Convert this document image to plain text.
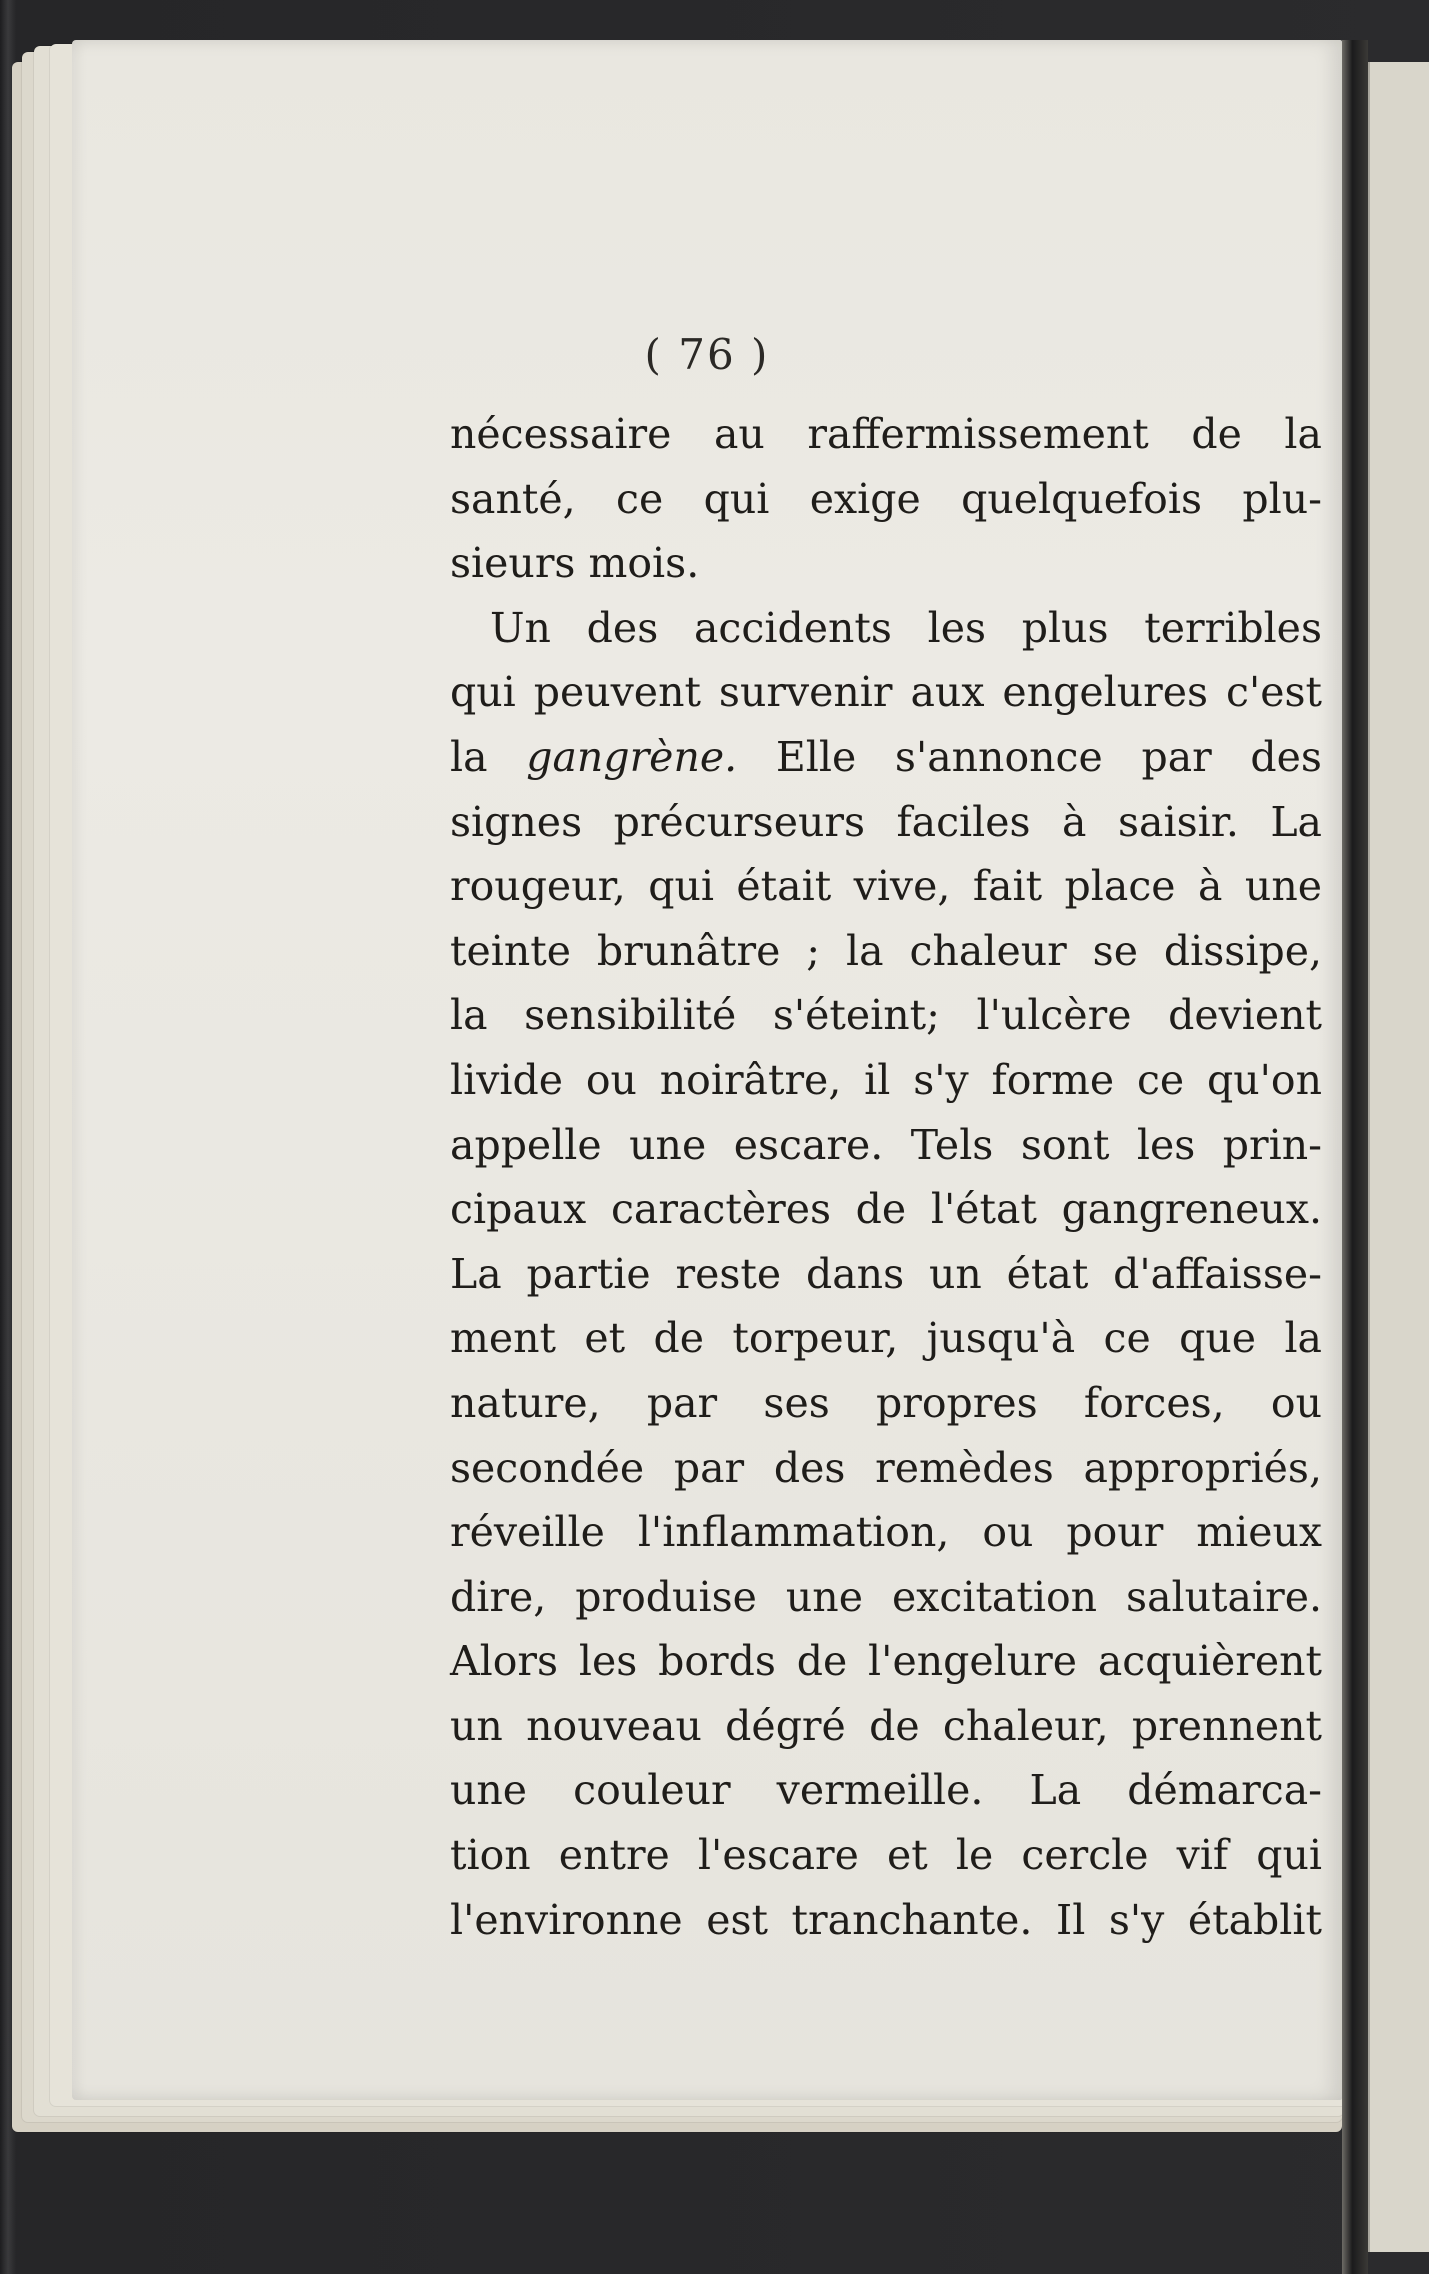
( 76 )
nécessaire au raffermissement de la
santé, ce qui exige quelquefois plu-
sieurs mois.
Un des accidents les plus terribles
qui peuvent survenir aux engelures c'est
la gangrène. Elle s'annonce par des
signes précurseurs faciles à saisir. La
rougeur, qui était vive, fait place à une
teinte brunâtre ; la chaleur se dissipe,
la sensibilité s'éteint; l'ulcère devient
livide ou noirâtre, il s'y forme ce qu'on
appelle une escare. Tels sont les prin-
cipaux caractères de l'état gangreneux.
La partie reste dans un état d'affaisse-
ment et de torpeur, jusqu'à ce que la
nature, par ses propres forces, ou
secondée par des remèdes appropriés,
réveille l'inflammation, ou pour mieux
dire, produise une excitation salutaire.
Alors les bords de l'engelure acquièrent
un nouveau dégré de chaleur, prennent
une couleur vermeille. La démarca-
tion entre l'escare et le cercle vif qui
l'environne est tranchante. Il s'y établit
